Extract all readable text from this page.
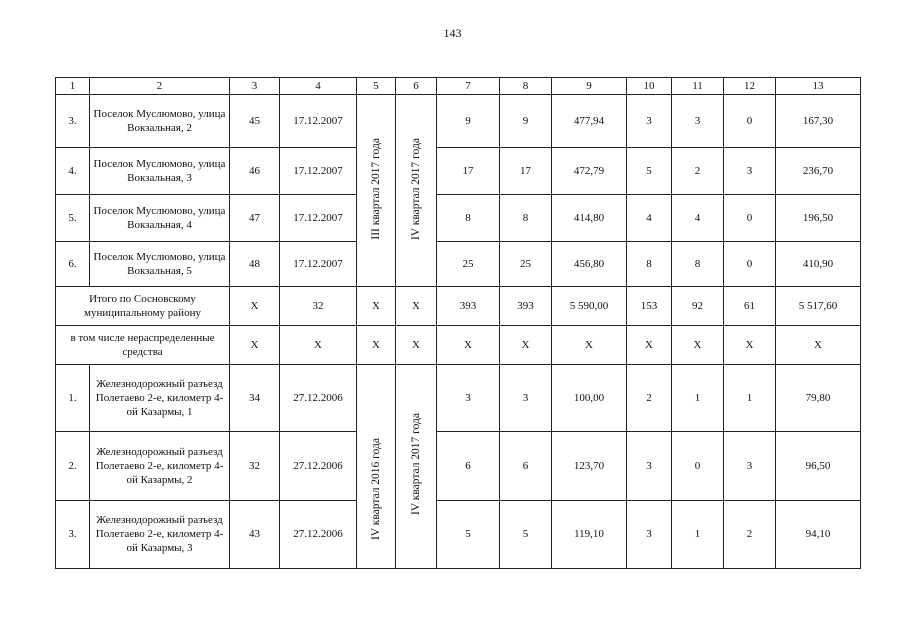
143
1	2	3	4	5	6	7	8	9	10	11	12	13
3.	Поселок Муслюмово, улица Вокзальная, 2	45	17.12.2007	III квартал 2017 года	IV квартал 2017 года	9	9	477,94	3	3	0	167,30
4.	Поселок Муслюмово, улица Вокзальная, 3	46	17.12.2007			17	17	472,79	5	2	3	236,70
5.	Поселок Муслюмово, улица Вокзальная, 4	47	17.12.2007			8	8	414,80	4	4	0	196,50
6.	Поселок Муслюмово, улица Вокзальная, 5	48	17.12.2007			25	25	456,80	8	8	0	410,90
Итого по Сосновскому муниципальному району		X	32	X	X	393	393	5 590,00	153	92	61	5 517,60
в том числе нераспределенные средства		X	X	X	X	X	X	X	X	X	X	X
1.	Железнодорожный разъезд Полетаево 2-е, километр 4-ой Казармы, 1	34	27.12.2006	IV квартал 2016 года	IV квартал 2017 года	3	3	100,00	2	1	1	79,80
2.	Железнодорожный разъезд Полетаево 2-е, километр 4-ой Казармы, 2	32	27.12.2006			6	6	123,70	3	0	3	96,50
3.	Железнодорожный разъезд Полетаево 2-е, километр 4-ой Казармы, 3	43	27.12.2006			5	5	119,10	3	1	2	94,10
